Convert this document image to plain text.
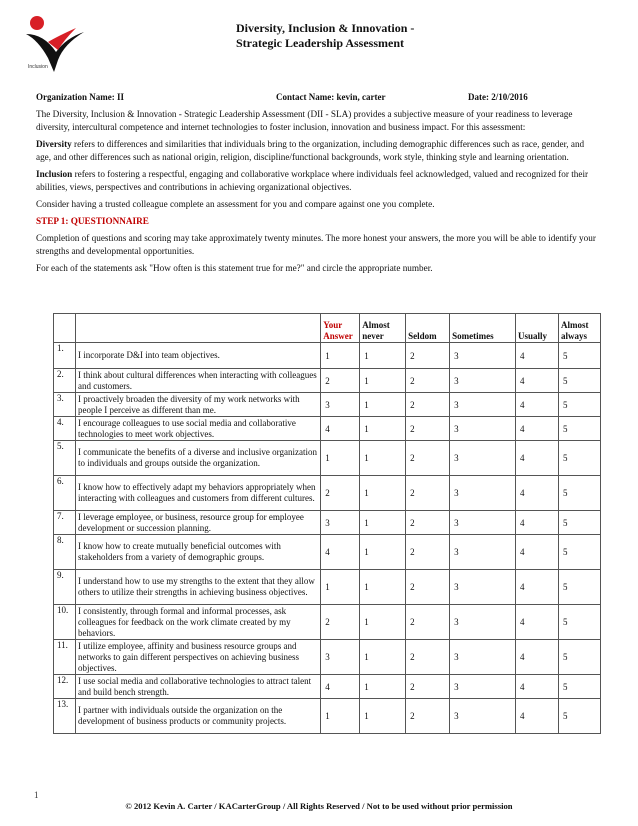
Inclusion
Diversity, Inclusion & Innovation -
Strategic Leadership Assessment
Organization Name: II	Contact Name: kevin, carter	Date: 2/10/2016

The Diversity, Inclusion & Innovation - Strategic Leadership Assessment (DII - SLA) provides a subjective measure of your readiness to leverage diversity, intercultural competence and internet technologies to foster inclusion, innovation and business impact. For this assessment:

Diversity refers to differences and similarities that individuals bring to the organization, including demographic differences such as race, gender, and age, and other differences such as national origin, religion, discipline/functional backgrounds, work style, thinking style and learning orientation.

Inclusion refers to fostering a respectful, engaging and collaborative workplace where individuals feel acknowledged, valued and recognized for their abilities, views, perspectives and contributions in achieving organizational objectives.

Consider having a trusted colleague complete an assessment for you and compare against one you complete.

STEP 1: QUESTIONNAIRE

Completion of questions and scoring may take approximately twenty minutes. The more honest your answers, the more you will be able to identify your strengths and developmental opportunities.

For each of the statements ask "How often is this statement true for me?" and circle the appropriate number.

		Your Answer	Almost never	Seldom	Sometimes	Usually	Almost always
1.	I incorporate D&I into team objectives.	1	1	2	3	4	5
2.	I think about cultural differences when interacting with colleagues and customers.	2	1	2	3	4	5
3.	I proactively broaden the diversity of my work networks with people I perceive as different than me.	3	1	2	3	4	5
4.	I encourage colleagues to use social media and collaborative technologies to meet work objectives.	4	1	2	3	4	5
5.	I communicate the benefits of a diverse and inclusive organization to individuals and groups outside the organization.	1	1	2	3	4	5
6.	I know how to effectively adapt my behaviors appropriately when interacting with colleagues and customers from different cultures.	2	1	2	3	4	5
7.	I leverage employee, or business, resource group for employee development or succession planning.	3	1	2	3	4	5
8.	I know how to create mutually beneficial outcomes with stakeholders from a variety of demographic groups.	4	1	2	3	4	5
9.	I understand how to use my strengths to the extent that they allow others to utilize their strengths in achieving business objectives.	1	1	2	3	4	5
10.	I consistently, through formal and informal processes, ask colleagues for feedback on the work climate created by my behaviors.	2	1	2	3	4	5
11.	I utilize employee, affinity and business resource groups and networks to gain different perspectives on achieving business objectives.	3	1	2	3	4	5
12.	I use social media and collaborative technologies to attract talent and build bench strength.	4	1	2	3	4	5
13.	I partner with individuals outside the organization on the development of business products or community projects.	1	1	2	3	4	5
1
© 2012 Kevin A. Carter / KACarterGroup / All Rights Reserved / Not to be used without prior permission
